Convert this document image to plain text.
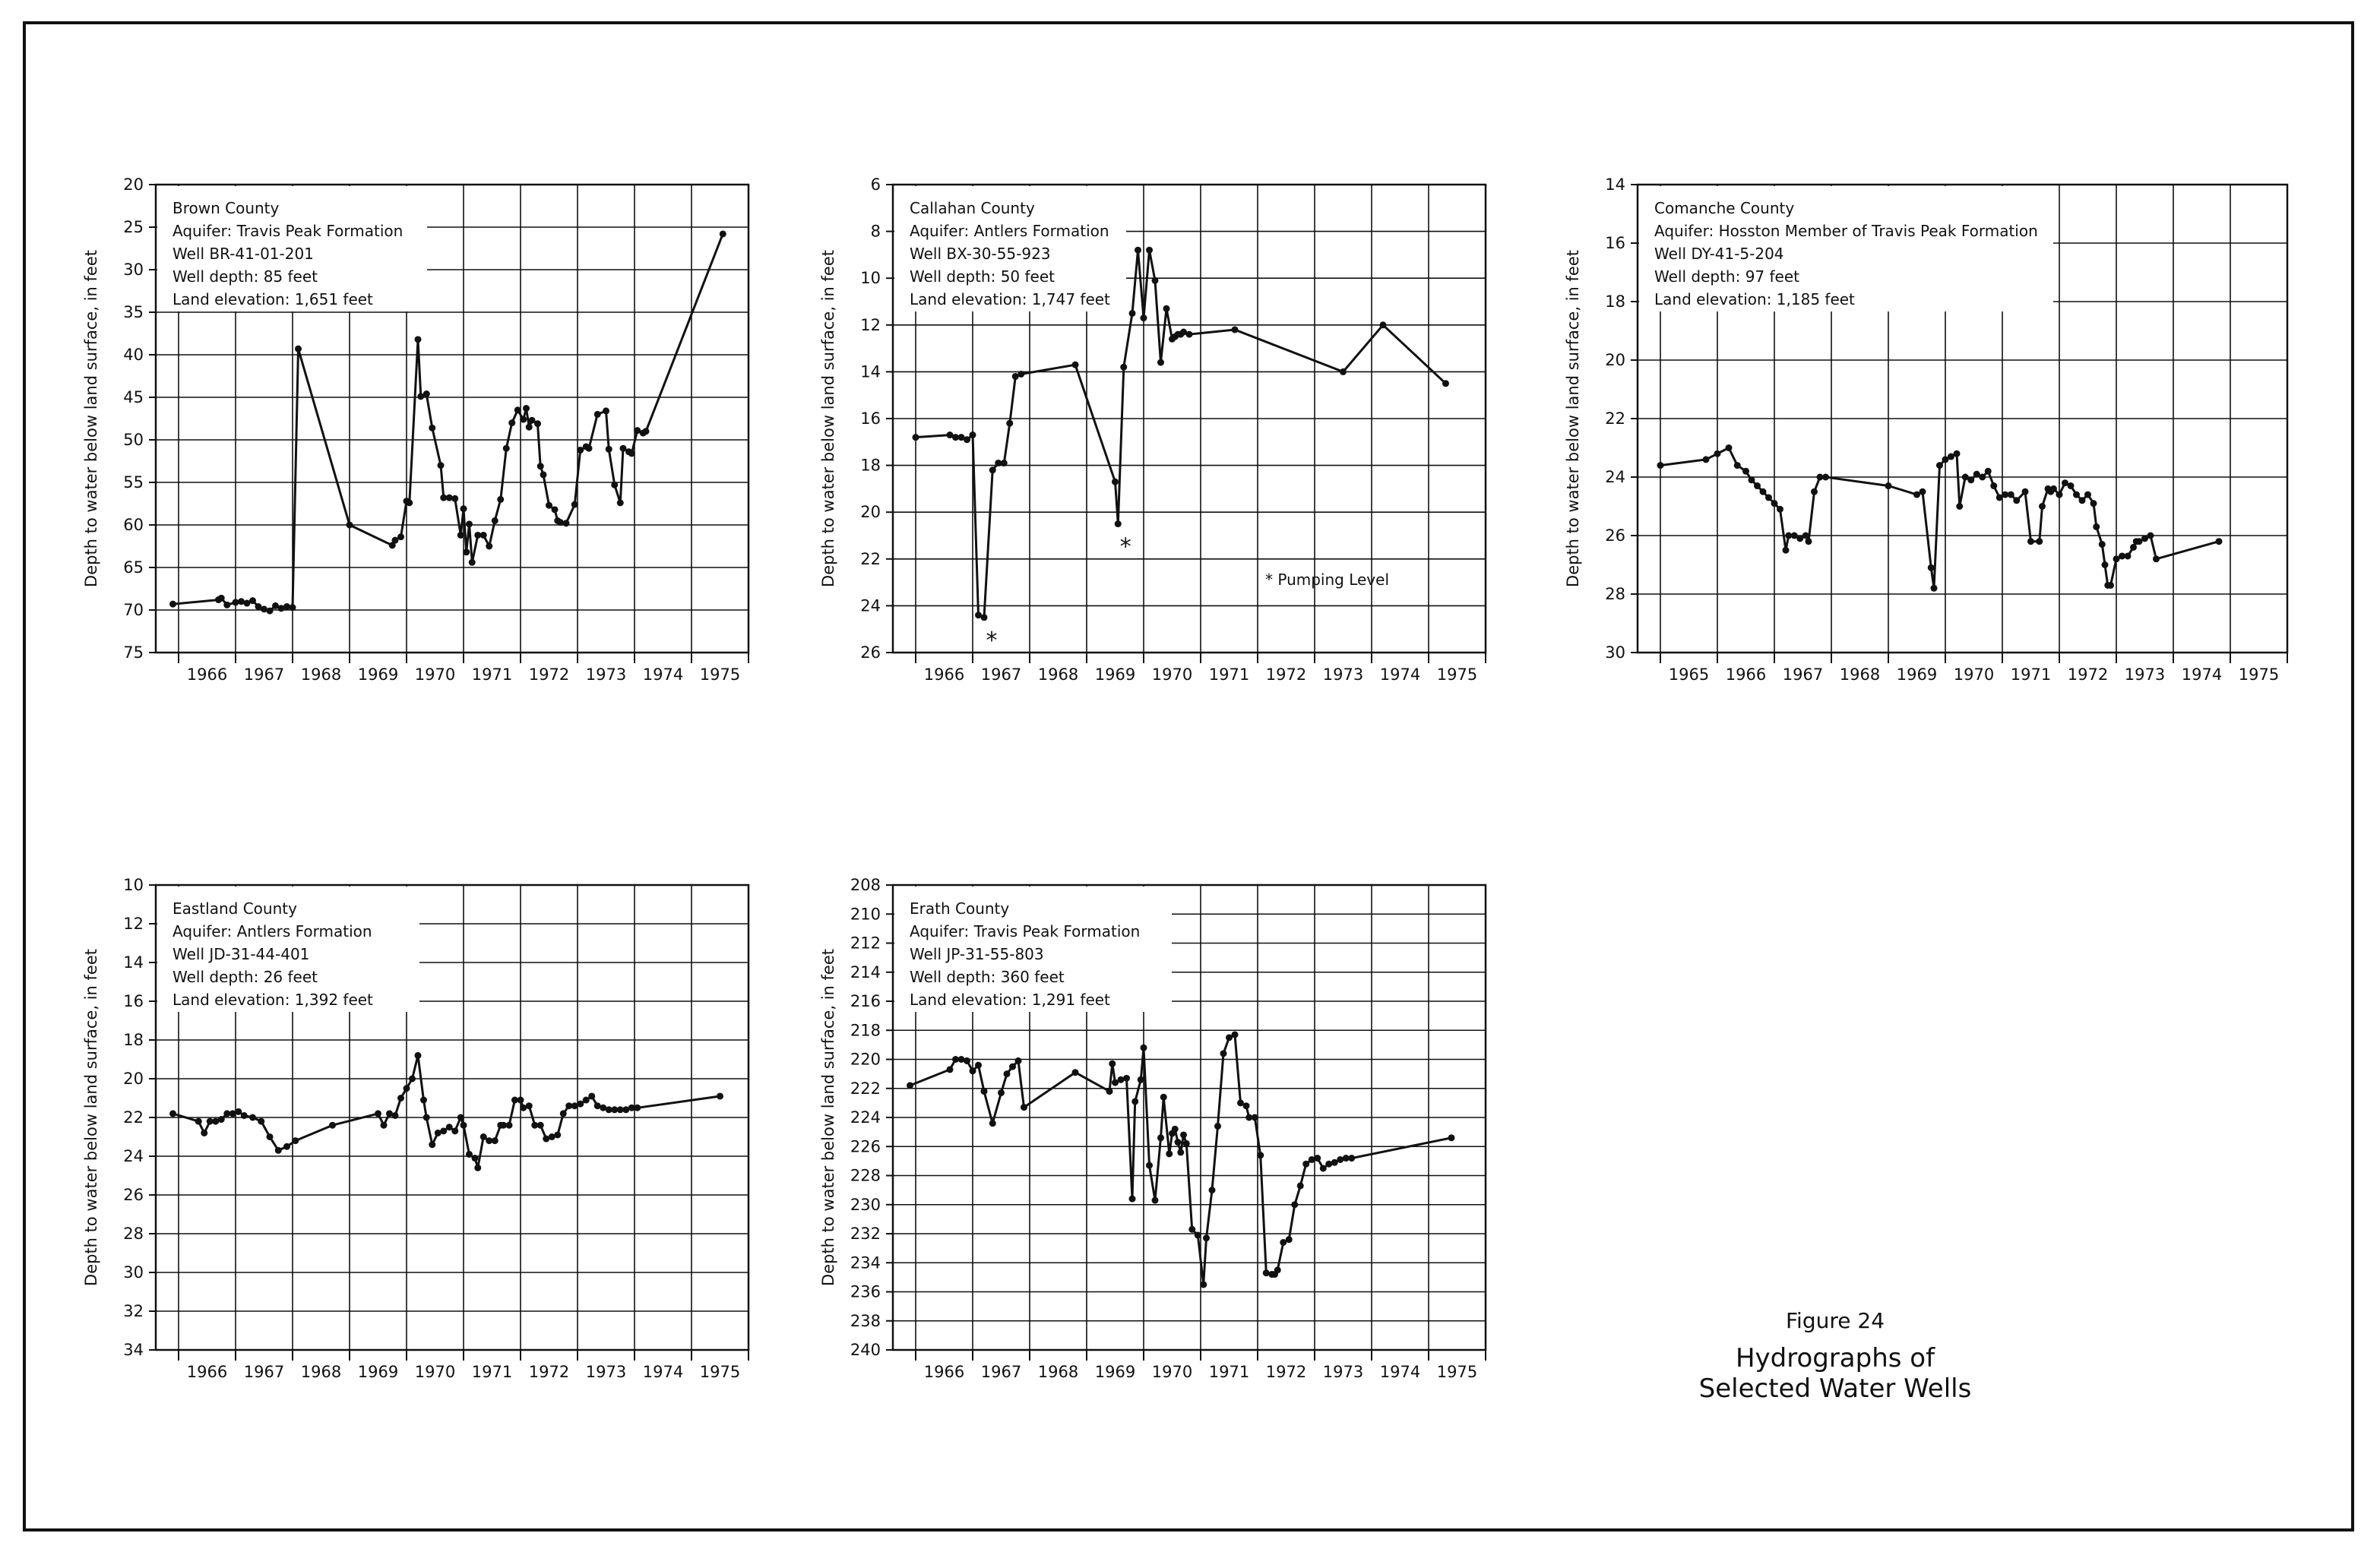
20
25
30
35
40
45
50
55
60
65
70
75
1966 1967 1968 1969 1970 1971 1972 1973 1974 1975
Depth to water below land surface, in feet
Brown County
Aquifer: Travis Peak Formation
Well BR-41-01-201
Well depth: 85 feet
Land elevation: 1,651 feet
6
8
10
12
14
16
18
20
22
24
26
1966 1967 1968 1969 1970 1971 1972 1973 1974 1975
Depth to water below land surface, in feet
Callahan County
Aquifer: Antlers Formation
Well BX-30-55-923
Well depth: 50 feet
Land elevation: 1,747 feet
*
*
* Pumping Level
14
16
18
20
22
24
26
28
30
1965 1966 1967 1968 1969 1970 1971 1972 1973 1974 1975
Depth to water below land surface, in feet
Comanche County
Aquifer: Hosston Member of Travis Peak Formation
Well DY-41-5-204
Well depth: 97 feet
Land elevation: 1,185 feet
10
12
14
16
18
20
22
24
26
28
30
32
34
1966 1967 1968 1969 1970 1971 1972 1973 1974 1975
Depth to water below land surface, in feet
Eastland County
Aquifer: Antlers Formation
Well JD-31-44-401
Well depth: 26 feet
Land elevation: 1,392 feet
208
210
212
214
216
218
220
222
224
226
228
230
232
234
236
238
240
1966 1967 1968 1969 1970 1971 1972 1973 1974 1975
Depth to water below land surface, in feet
Erath County
Aquifer: Travis Peak Formation
Well JP-31-55-803
Well depth: 360 feet
Land elevation: 1,291 feet
Figure 24
Hydrographs of Selected Water Wells
